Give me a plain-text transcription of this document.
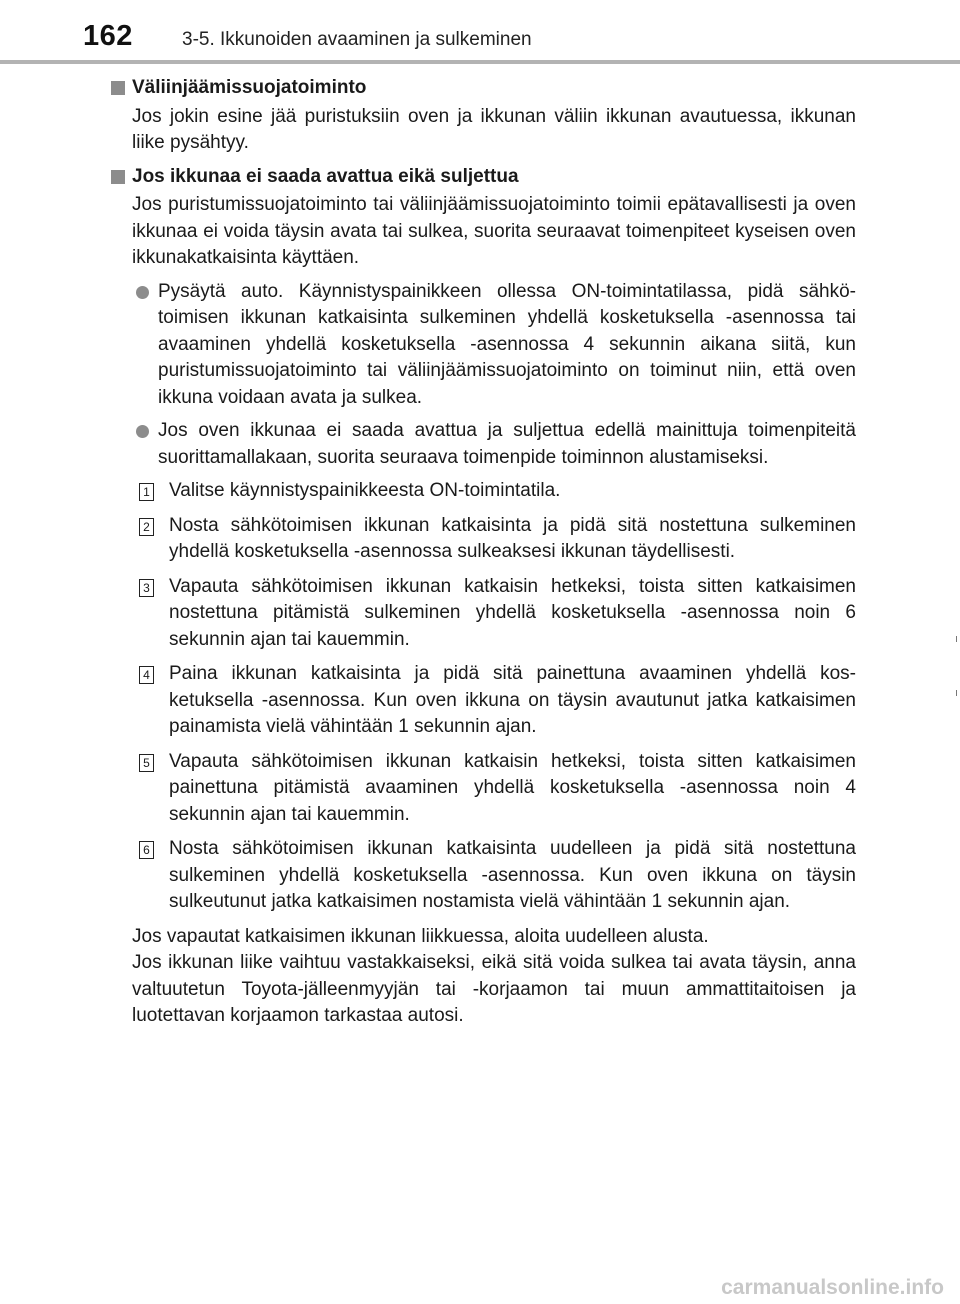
162	3-5. Ikkunoiden avaaminen ja sulkeminen
Väliinjäämissuojatoiminto
Jos jokin esine jää puristuksiin oven ja ikkunan väliin ikkunan avautuessa, ikkunan liike pysähtyy.
Jos ikkunaa ei saada avattua eikä suljettua
Jos puristumissuojatoiminto tai väliinjäämissuojatoiminto toimii epätavallisesti ja oven ikkunaa ei voida täysin avata tai sulkea, suorita seuraavat toimenpiteet kyseisen oven ikkunakatkaisinta käyttäen.
Pysäytä auto. Käynnistyspainikkeen ollessa ON-toimintatilassa, pidä sähkötoimisen ikkunan katkaisinta sulkeminen yhdellä kosketuksella -asennossa tai avaaminen yhdellä kosketuksella -asennossa 4 sekunnin aikana siitä, kun puristumissuojatoiminto tai väliinjäämissuojatoiminto on toiminut niin, että oven ikkuna voidaan avata ja sulkea.
Jos oven ikkunaa ei saada avattua ja suljettua edellä mainittuja toimenpiteitä suorittamallakaan, suorita seuraava toimenpide toiminnon alustamiseksi.
1 Valitse käynnistyspainikkeesta ON-toimintatila.
2 Nosta sähkötoimisen ikkunan katkaisinta ja pidä sitä nostettuna sulkeminen yhdellä kosketuksella -asennossa sulkeaksesi ikkunan täydellisesti.
3 Vapauta sähkötoimisen ikkunan katkaisin hetkeksi, toista sitten katkaisimen nostettuna pitämistä sulkeminen yhdellä kosketuksella -asennossa noin 6 sekunnin ajan tai kauemmin.
4 Paina ikkunan katkaisinta ja pidä sitä painettuna avaaminen yhdellä kosketuksella -asennossa. Kun oven ikkuna on täysin avautunut jatka katkaisimen painamista vielä vähintään 1 sekunnin ajan.
5 Vapauta sähkötoimisen ikkunan katkaisin hetkeksi, toista sitten katkaisimen painettuna pitämistä avaaminen yhdellä kosketuksella -asennossa noin 4 sekunnin ajan tai kauemmin.
6 Nosta sähkötoimisen ikkunan katkaisinta uudelleen ja pidä sitä nostettuna sulkeminen yhdellä kosketuksella -asennossa. Kun oven ikkuna on täysin sulkeutunut jatka katkaisimen nostamista vielä vähintään 1 sekunnin ajan.
Jos vapautat katkaisimen ikkunan liikkuessa, aloita uudelleen alusta.
Jos ikkunan liike vaihtuu vastakkaiseksi, eikä sitä voida sulkea tai avata täysin, anna valtuutetun Toyota-jälleenmyyjän tai -korjaamon tai muun ammattitaitoisen ja luotettavan korjaamon tarkastaa autosi.
carmanualsonline.info
